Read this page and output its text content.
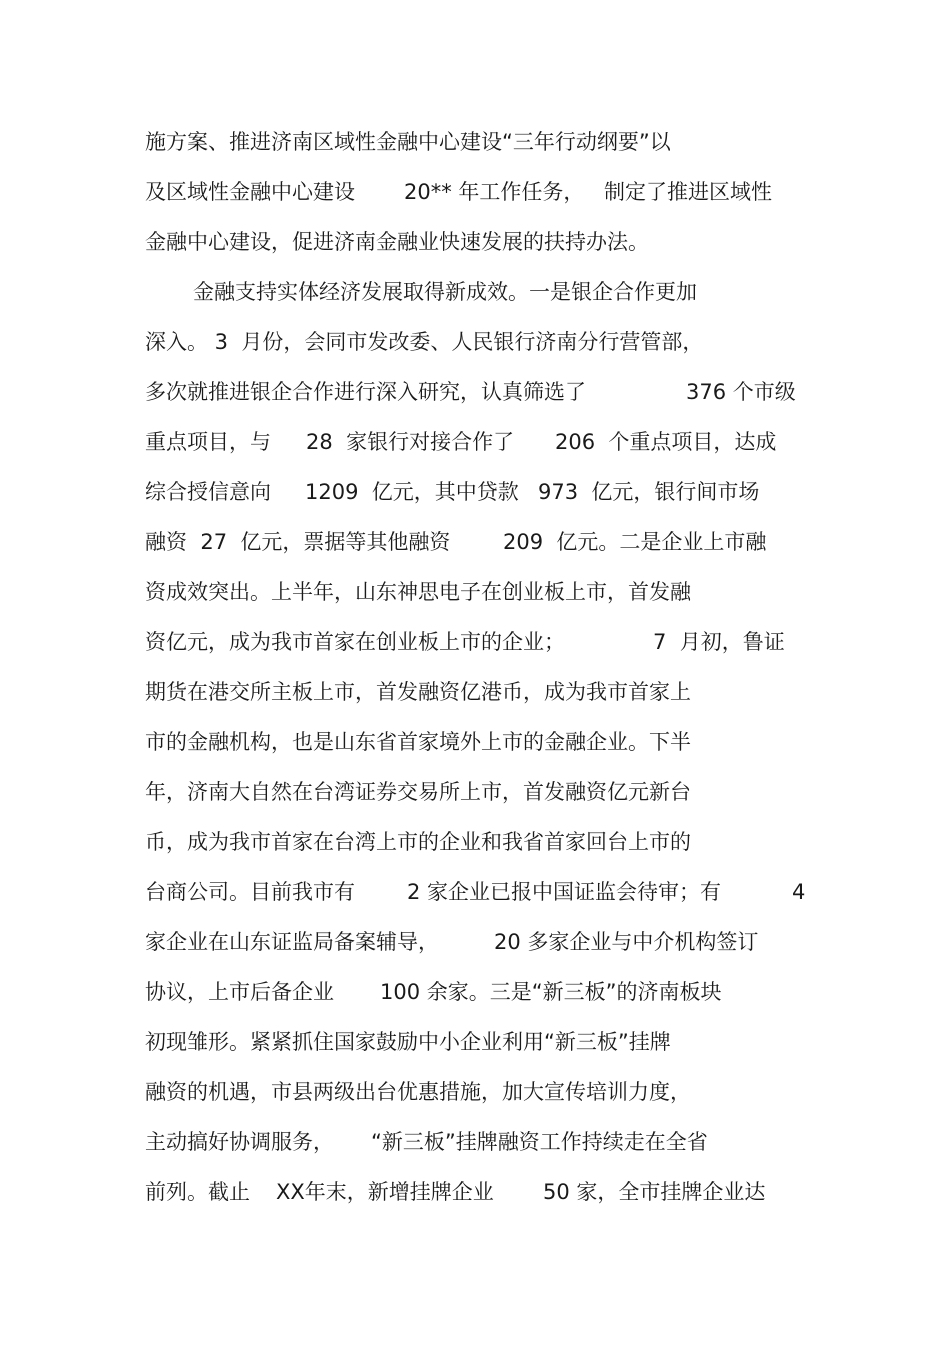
施方案、推进济南区域性金融中心建设“三年行动纲要”以

及区域性金融中心建设

20** 年工作任务，

制定了推进区域性

金融中心建设，促进济南金融业快速发展的扶持办法。

金融支持实体经济发展取得新成效。一是银企合作更加

深入。 3  月份，会同市发改委、人民银行济南分行营管部，

多次就推进银企合作进行深入研究，认真筛选了

	376 个市级

重点项目，与

28  家银行对接合作了

206  个重点项目，达成

综合授信意向

1209  亿元，其中贷款

973  亿元，银行间市场

融资  27  亿元，票据等其他融资

	209  亿元。二是企业上市融

资成效突出。上半年，山东神思电子在创业板上市，首发融

资亿元，成为我市首家在创业板上市的企业；

	7  月初，鲁证

期货在港交所主板上市，首发融资亿港币，成为我市首家上

市的金融机构，也是山东省首家境外上市的金融企业。下半

年，济南大自然在台湾证券交易所上市，首发融资亿元新台

币，成为我市首家在台湾上市的企业和我省首家回台上市的

台商公司。目前我市有

2 家企业已报中国证监会待审；有

	4

家企业在山东证监局备案辅导，

	20 多家企业与中介机构签订

协议，上市后备企业

100 余家。三是“新三板”的济南板块

初现雏形。紧紧抓住国家鼓励中小企业利用“新三板”挂牌

融资的机遇，市县两级出台优惠措施，加大宣传培训力度，

主动搞好协调服务，

“新三板”挂牌融资工作持续走在全省

前列。截止

XX年末，新增挂牌企业

50 家，全市挂牌企业达
